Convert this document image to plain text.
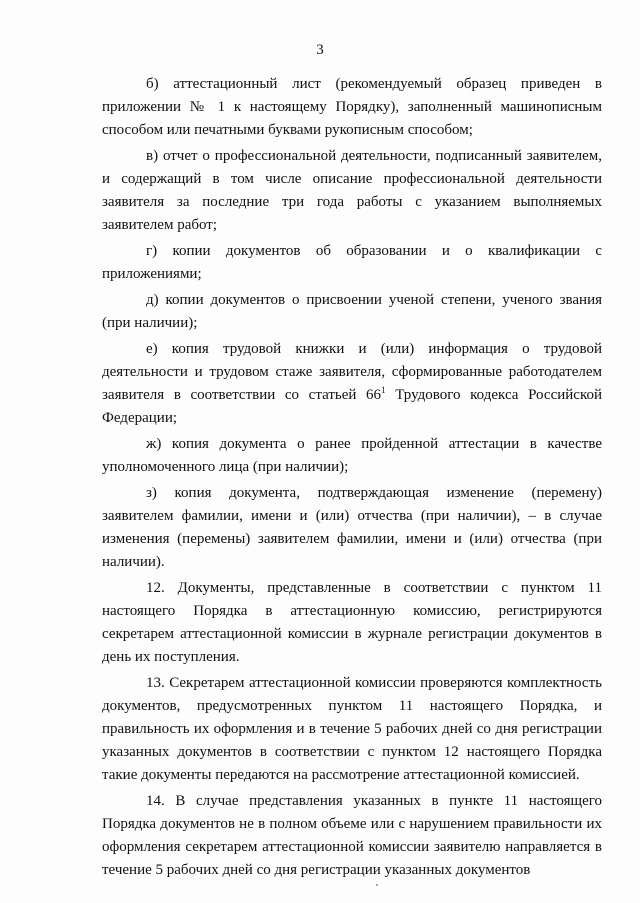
3

б) аттестационный лист (рекомендуемый образец приведен в приложении № 1 к настоящему Порядку), заполненный машинописным способом или печатными буквами рукописным способом;

в) отчет о профессиональной деятельности, подписанный заявителем, и содержащий в том числе описание профессиональной деятельности заявителя за последние три года работы с указанием выполняемых заявителем работ;

г) копии документов об образовании и о квалификации с приложениями;

д) копии документов о присвоении ученой степени, ученого звания (при наличии);

е) копия трудовой книжки и (или) информация о трудовой деятельности и трудовом стаже заявителя, сформированные работодателем заявителя в соответствии со статьей $66^1$ Трудового кодекса Российской Федерации;

ж) копия документа о ранее пройденной аттестации в качестве уполномоченного лица (при наличии);

з) копия документа, подтверждающая изменение (перемену) заявителем фамилии, имени и (или) отчества (при наличии), – в случае изменения (перемены) заявителем фамилии, имени и (или) отчества (при наличии).

12. Документы, представленные в соответствии с пунктом 11 настоящего Порядка в аттестационную комиссию, регистрируются секретарем аттестационной комиссии в журнале регистрации документов в день их поступления.

13. Секретарем аттестационной комиссии проверяются комплектность документов, предусмотренных пунктом 11 настоящего Порядка, и правильность их оформления и в течение 5 рабочих дней со дня регистрации указанных документов в соответствии с пунктом 12 настоящего Порядка такие документы передаются на рассмотрение аттестационной комиссией.

14. В случае представления указанных в пункте 11 настоящего Порядка документов не в полном объеме или с нарушением правильности их оформления секретарем аттестационной комиссии заявителю направляется в течение 5 рабочих дней со дня регистрации указанных документов
